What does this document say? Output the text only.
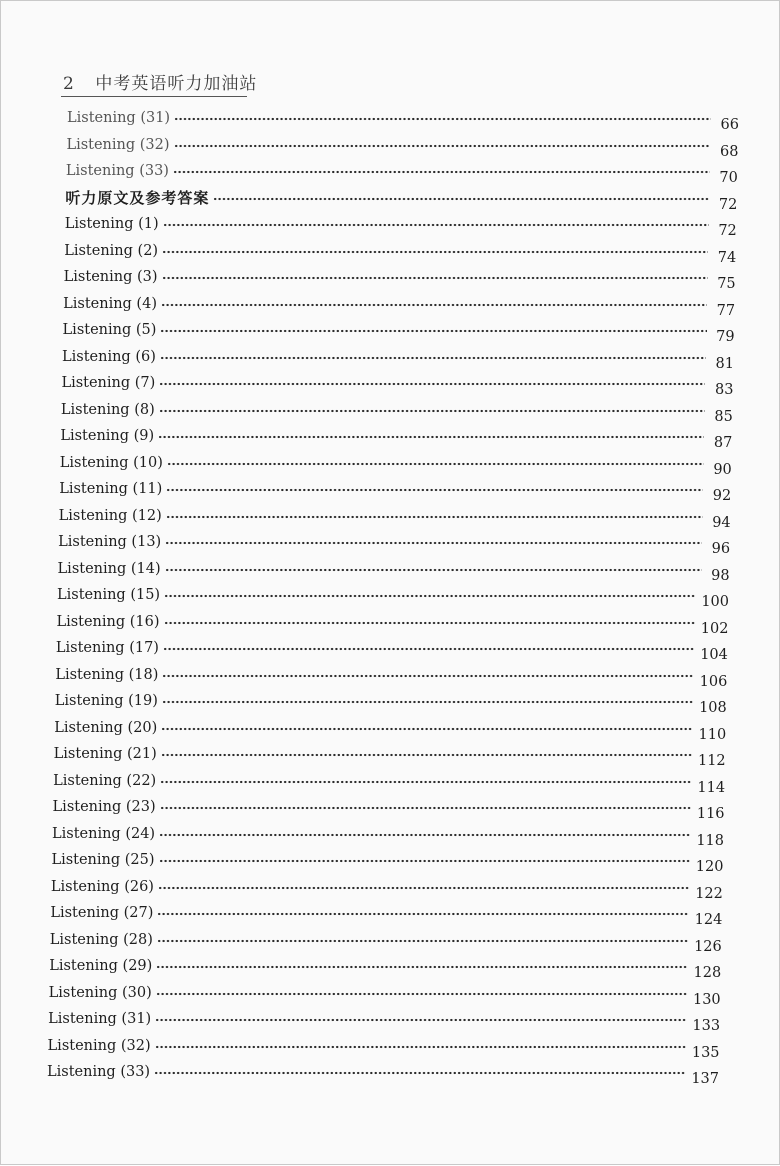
2 中考英语听力加油站
Listening (31)	66
Listening (32)	68
Listening (33)	70
听力原文及参考答案	72
Listening (1)	72
Listening (2)	74
Listening (3)	75
Listening (4)	77
Listening (5)	79
Listening (6)	81
Listening (7)	83
Listening (8)	85
Listening (9)	87
Listening (10)	90
Listening (11)	92
Listening (12)	94
Listening (13)	96
Listening (14)	98
Listening (15)	100
Listening (16)	102
Listening (17)	104
Listening (18)	106
Listening (19)	108
Listening (20)	110
Listening (21)	112
Listening (22)	114
Listening (23)	116
Listening (24)	118
Listening (25)	120
Listening (26)	122
Listening (27)	124
Listening (28)	126
Listening (29)	128
Listening (30)	130
Listening (31)	133
Listening (32)	135
Listening (33)	137
